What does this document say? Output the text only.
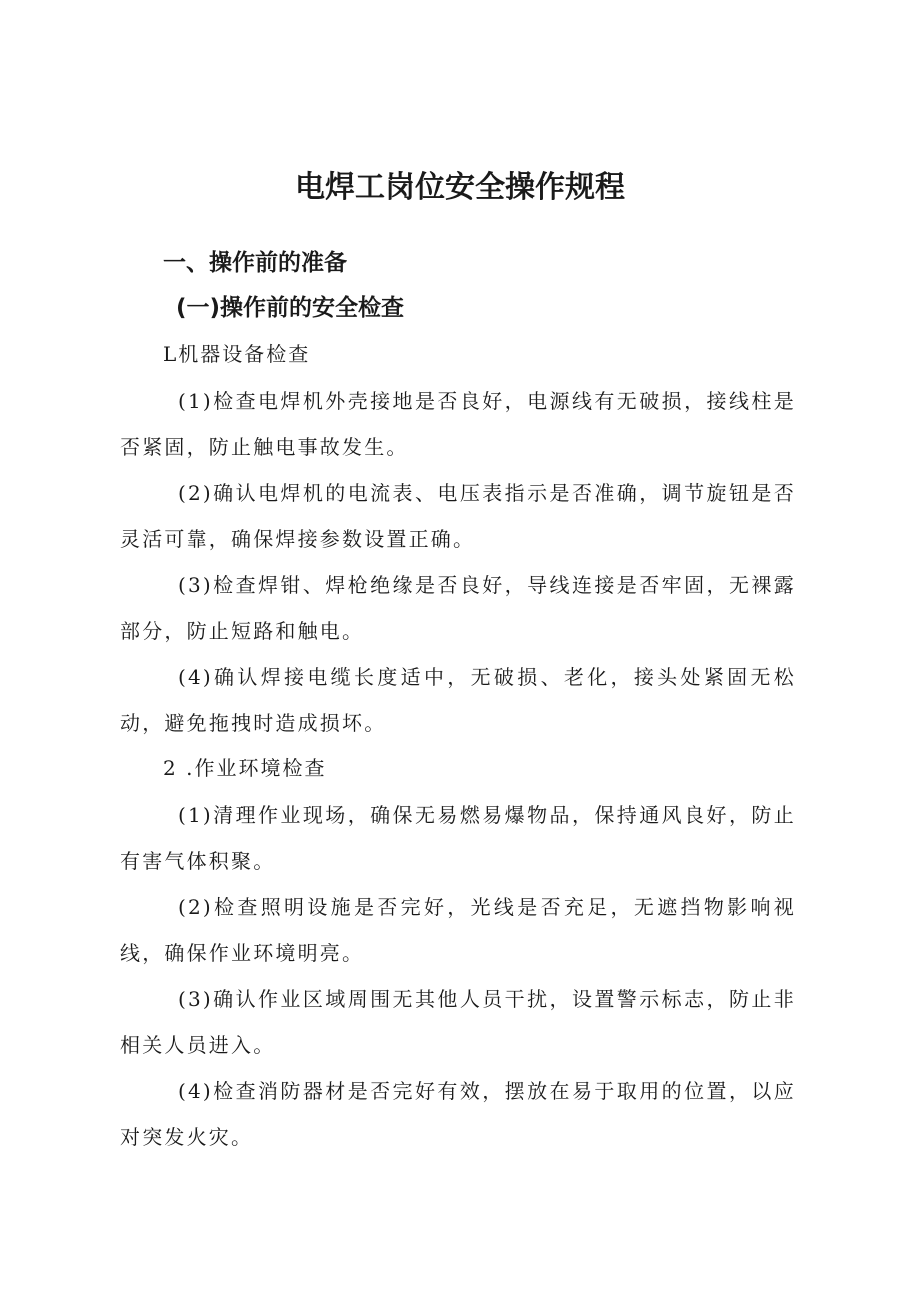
电焊工岗位安全操作规程
一、操作前的准备
(一)操作前的安全检查
L机器设备检查

(1)检查电焊机外壳接地是否良好，电源线有无破损，接线柱是否紧固，防止触电事故发生。

(2)确认电焊机的电流表、电压表指示是否准确，调节旋钮是否灵活可靠，确保焊接参数设置正确。

(3)检查焊钳、焊枪绝缘是否良好，导线连接是否牢固，无裸露部分，防止短路和触电。

(4)确认焊接电缆长度适中，无破损、老化，接头处紧固无松动，避免拖拽时造成损坏。

2 .作业环境检查

(1)清理作业现场，确保无易燃易爆物品，保持通风良好，防止有害气体积聚。

(2)检查照明设施是否完好，光线是否充足，无遮挡物影响视线，确保作业环境明亮。

(3)确认作业区域周围无其他人员干扰，设置警示标志，防止非相关人员进入。

(4)检查消防器材是否完好有效，摆放在易于取用的位置，以应对突发火灾。
